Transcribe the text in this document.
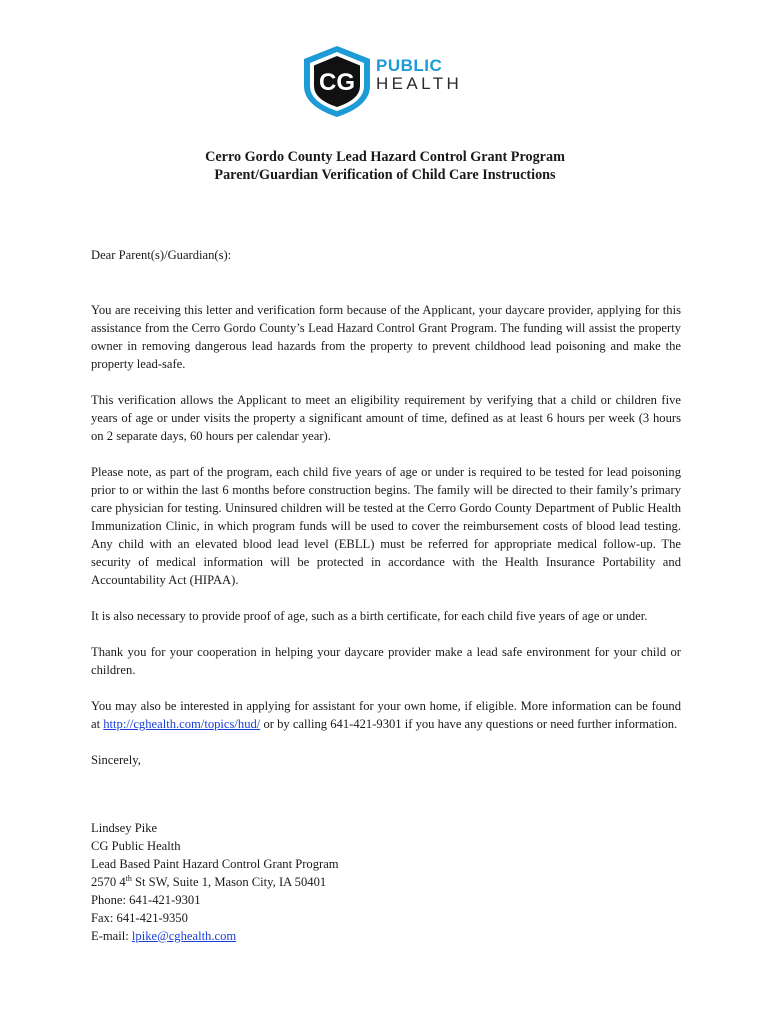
CG
PUBLIC
HEALTH
Cerro Gordo County Lead Hazard Control Grant Program
Parent/Guardian Verification of Child Care Instructions

Dear Parent(s)/Guardian(s):

You are receiving this letter and verification form because of the Applicant, your daycare provider, applying for this assistance from the Cerro Gordo County’s Lead Hazard Control Grant Program. The funding will assist the property owner in removing dangerous lead hazards from the property to prevent childhood lead poisoning and make the property lead-safe.

This verification allows the Applicant to meet an eligibility requirement by verifying that a child or children five years of age or under visits the property a significant amount of time, defined as at least 6 hours per week (3 hours on 2 separate days, 60 hours per calendar year).

Please note, as part of the program, each child five years of age or under is required to be tested for lead poisoning prior to or within the last 6 months before construction begins. The family will be directed to their family’s primary care physician for testing. Uninsured children will be tested at the Cerro Gordo County Department of Public Health Immunization Clinic, in which program funds will be used to cover the reimbursement costs of blood lead testing. Any child with an elevated blood lead level (EBLL) must be referred for appropriate medical follow-up. The security of medical information will be protected in accordance with the Health Insurance Portability and Accountability Act (HIPAA).

It is also necessary to provide proof of age, such as a birth certificate, for each child five years of age or under.

Thank you for your cooperation in helping your daycare provider make a lead safe environment for your child or children.

You may also be interested in applying for assistant for your own home, if eligible. More information can be found at http://cghealth.com/topics/hud/ or by calling 641-421-9301 if you have any questions or need further information.

Sincerely,

Lindsey Pike

CG Public Health

Lead Based Paint Hazard Control Grant Program

2570 4th St SW, Suite 1, Mason City, IA 50401

Phone: 641-421-9301

Fax: 641-421-9350

E-mail: lpike@cghealth.com
